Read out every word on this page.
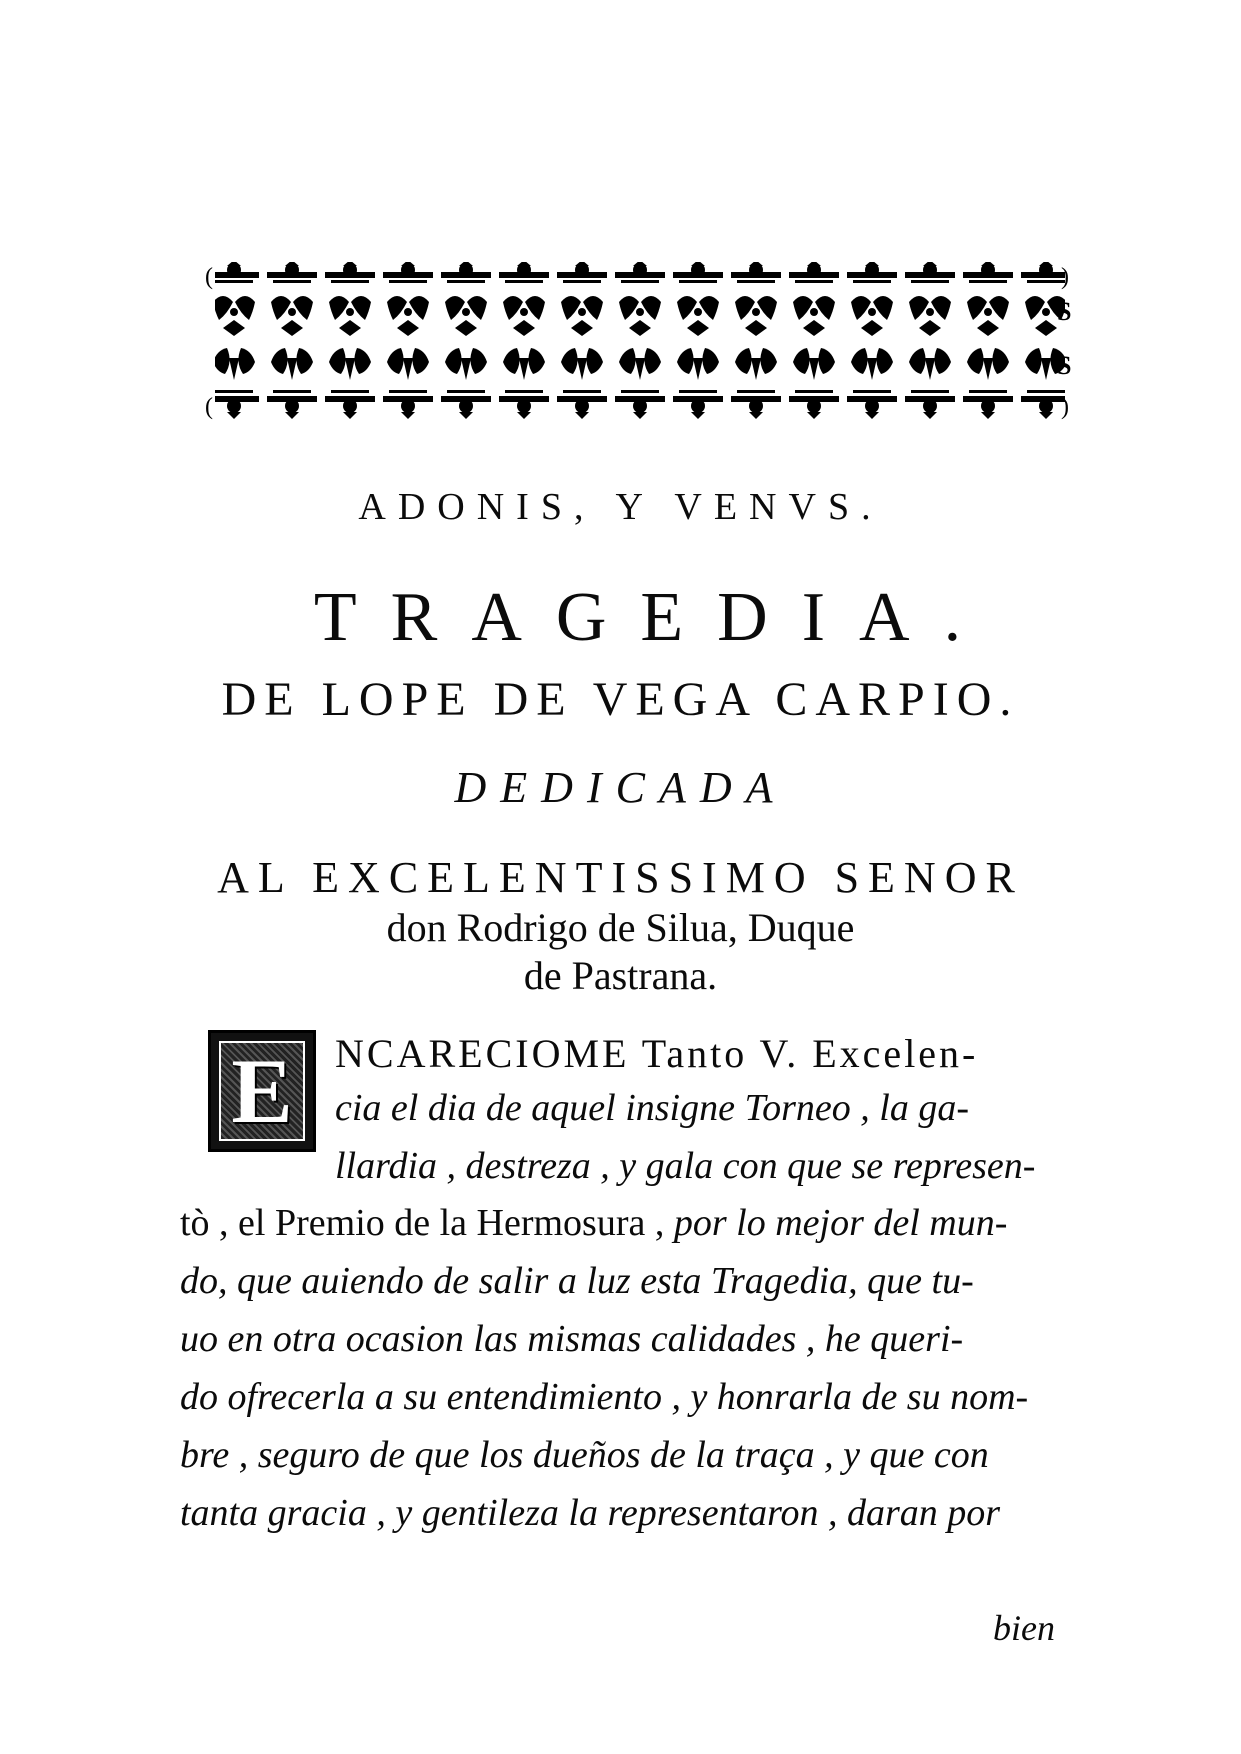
(
(
)
)
S
S
ADONIS, Y VENVS.
TRAGEDIA.
DE LOPE DE VEGA CARPIO.
DEDICADA
AL EXCELENTISSIMO SENOR
don Rodrigo de Silua, Duque
de Pastrana.
E	NCARECIOME Tanto V. Excelen-
cia el dia de aquel insigne Torneo , la ga-
llardia , destreza , y gala con que se represen-
tò , el Premio de la Hermosura , por lo mejor del mun-
do, que auiendo de salir a luz esta Tragedia, que tu-
uo en otra ocasion las mismas calidades , he queri-
do ofrecerla a su entendimiento , y honrarla de su nom-
bre , seguro de que los dueños de la traça , y que con
tanta gracia , y gentileza la representaron , daran por
bien
